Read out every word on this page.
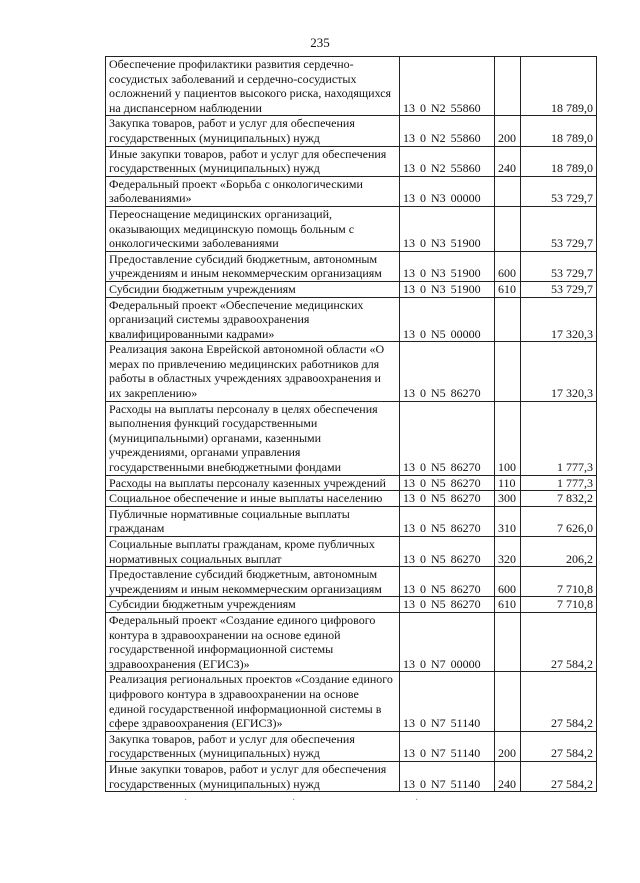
235
Обеспечение профилактики развития сердечно-сосудистых заболеваний и сердечно-сосудистых осложнений у пациентов высокого риска, находящихся на диспансерном наблюдении	13 0 N2 55860		18 789,0
Закупка товаров, работ и услуг для обеспечения государственных (муниципальных) нужд	13 0 N2 55860	200	18 789,0
Иные закупки товаров, работ и услуг для обеспечения государственных (муниципальных) нужд	13 0 N2 55860	240	18 789,0
Федеральный проект «Борьба с онкологическими заболеваниями»	13 0 N3 00000		53 729,7
Переоснащение медицинских организаций, оказывающих медицинскую помощь больным с онкологическими заболеваниями	13 0 N3 51900		53 729,7
Предоставление субсидий бюджетным, автономным учреждениям и иным некоммерческим организациям	13 0 N3 51900	600	53 729,7
Субсидии бюджетным учреждениям	13 0 N3 51900	610	53 729,7
Федеральный проект «Обеспечение медицинских организаций системы здравоохранения квалифицированными кадрами»	13 0 N5 00000		17 320,3
Реализация закона Еврейской автономной области «О мерах по привлечению медицинских работников для работы в областных учреждениях здравоохранения и их закреплению»	13 0 N5 86270		17 320,3
Расходы на выплаты персоналу в целях обеспечения выполнения функций государственными (муниципальными) органами, казенными учреждениями, органами управления государственными внебюджетными фондами	13 0 N5 86270	100	1 777,3
Расходы на выплаты персоналу казенных учреждений	13 0 N5 86270	110	1 777,3
Социальное обеспечение и иные выплаты населению	13 0 N5 86270	300	7 832,2
Публичные нормативные социальные выплаты гражданам	13 0 N5 86270	310	7 626,0
Социальные выплаты гражданам, кроме публичных нормативных социальных выплат	13 0 N5 86270	320	206,2
Предоставление субсидий бюджетным, автономным учреждениям и иным некоммерческим организациям	13 0 N5 86270	600	7 710,8
Субсидии бюджетным учреждениям	13 0 N5 86270	610	7 710,8
Федеральный проект «Создание единого цифрового контура в здравоохранении на основе единой государственной информационной системы здравоохранения (ЕГИСЗ)»	13 0 N7 00000		27 584,2
Реализация региональных проектов «Создание единого цифрового контура в здравоохранении на основе единой государственной информационной системы в сфере здравоохранения (ЕГИСЗ)»	13 0 N7 51140		27 584,2
Закупка товаров, работ и услуг для обеспечения государственных (муниципальных) нужд	13 0 N7 51140	200	27 584,2
Иные закупки товаров, работ и услуг для обеспечения государственных (муниципальных) нужд	13 0 N7 51140	240	27 584,2
·	·	·
